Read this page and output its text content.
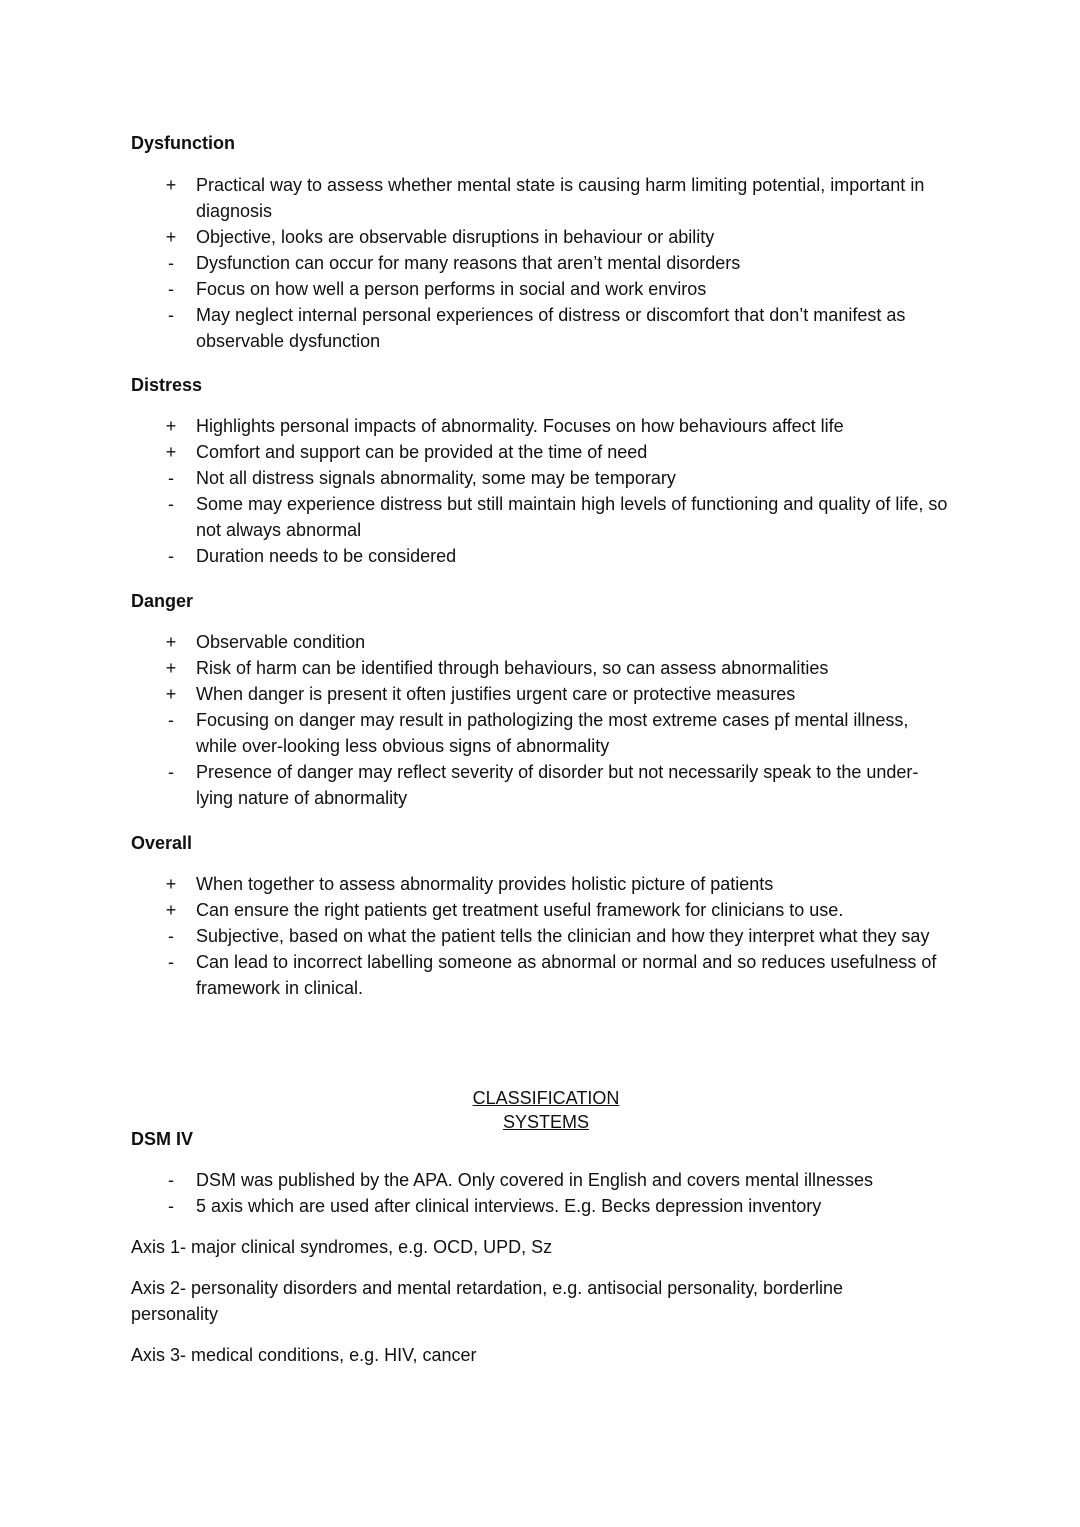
Dysfunction
+ Practical way to assess whether mental state is causing harm limiting potential, important in diagnosis
+ Objective, looks are observable disruptions in behaviour or ability
-	Dysfunction can occur for many reasons that aren’t mental disorders
-	Focus on how well a person performs in social and work enviros
-	May neglect internal personal experiences of distress or discomfort that don’t manifest as observable dysfunction
Distress
+ Highlights personal impacts of abnormality. Focuses on how behaviours affect life
+ Comfort and support can be provided at the time of need
-	Not all distress signals abnormality, some may be temporary
-	Some may experience distress but still maintain high levels of functioning and quality of life, so not always abnormal
-	Duration needs to be considered
Danger
+ Observable condition
+ Risk of harm can be identified through behaviours, so can assess abnormalities
+ When danger is present it often justifies urgent care or protective measures
-	Focusing on danger may result in pathologizing the most extreme cases pf mental illness, while over-looking less obvious signs of abnormality
-	Presence of danger may reflect severity of disorder but not necessarily speak to the under-lying nature of abnormality
Overall
+ When together to assess abnormality provides holistic picture of patients
+ Can ensure the right patients get treatment useful framework for clinicians to use.
-	Subjective, based on what the patient tells the clinician and how they interpret what they say
-	Can lead to incorrect labelling someone as abnormal or normal and so reduces usefulness of framework in clinical.
CLASSIFICATION SYSTEMS
DSM IV
-	DSM was published by the APA. Only covered in English and covers mental illnesses
-	5 axis which are used after clinical interviews. E.g. Becks depression inventory

Axis 1- major clinical syndromes, e.g. OCD, UPD, Sz

Axis 2- personality disorders and mental retardation, e.g. antisocial personality, borderline personality

Axis 3- medical conditions, e.g. HIV, cancer
